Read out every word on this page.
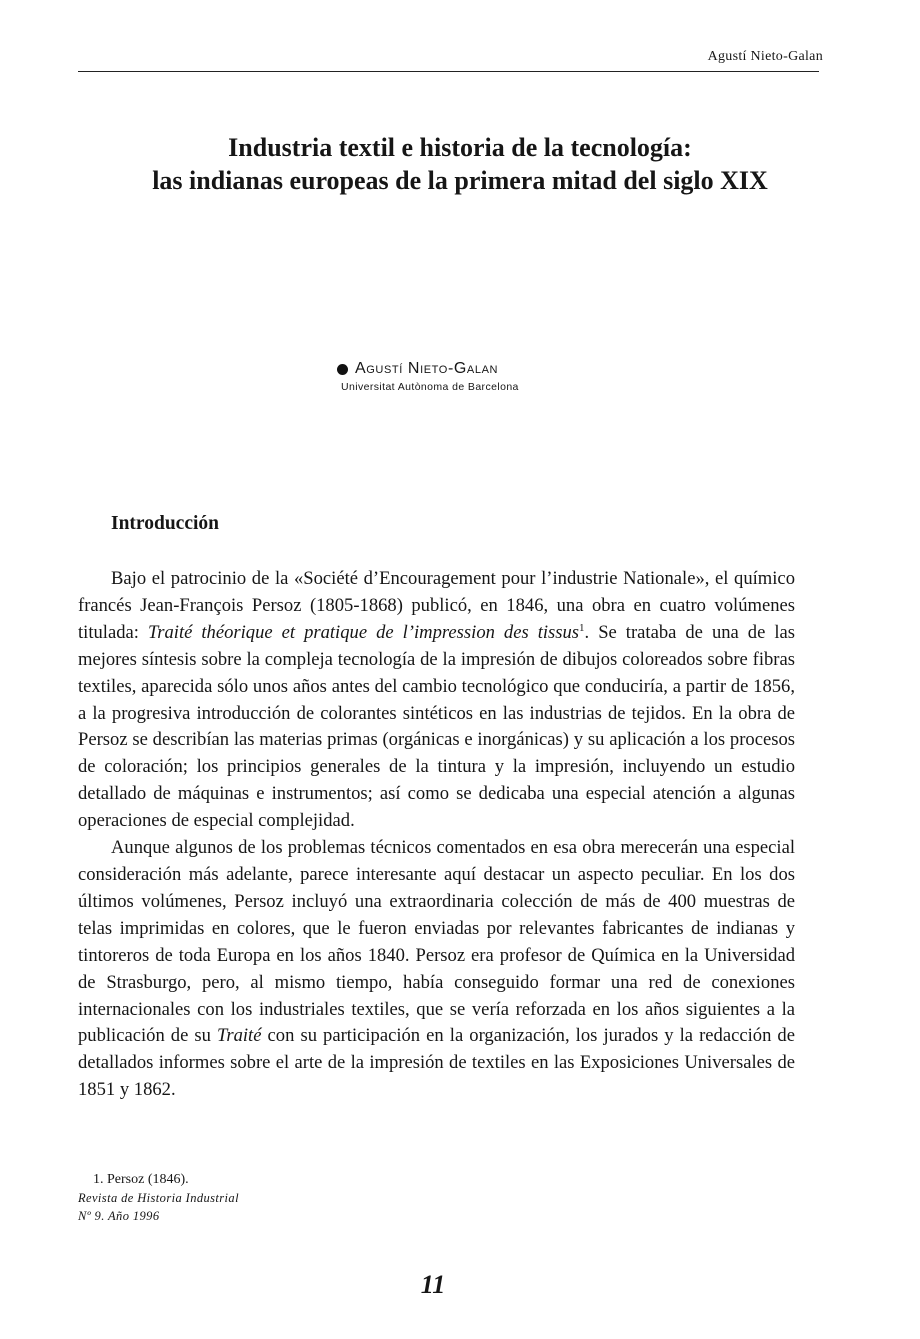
Agustí Nieto-Galan
Industria textil e historia de la tecnología:
las indianas europeas de la primera mitad del siglo XIX
Agustí Nieto-Galan
Universitat Autònoma de Barcelona
Introducción

Bajo el patrocinio de la «Société d’Encouragement pour l’industrie Nationale», el químico francés Jean-François Persoz (1805-1868) publicó, en 1846, una obra en cuatro volúmenes titulada: Traité théorique et pratique de l’impression des tissus$^1$. Se trataba de una de las mejores síntesis sobre la compleja tecnología de la impresión de dibujos coloreados sobre fibras textiles, aparecida sólo unos años antes del cambio tecnológico que conduciría, a partir de 1856, a la progresiva introducción de colorantes sintéticos en las industrias de tejidos. En la obra de Persoz se describían las materias primas (orgánicas e inorgánicas) y su aplicación a los procesos de coloración; los principios generales de la tintura y la impresión, incluyendo un estudio detallado de máquinas e instrumentos; así como se dedicaba una especial atención a algunas operaciones de especial complejidad.

Aunque algunos de los problemas técnicos comentados en esa obra merecerán una especial consideración más adelante, parece interesante aquí destacar un aspecto peculiar. En los dos últimos volúmenes, Persoz incluyó una extraordinaria colección de más de 400 muestras de telas imprimidas en colores, que le fueron enviadas por relevantes fabricantes de indianas y tintoreros de toda Europa en los años 1840. Persoz era profesor de Química en la Universidad de Strasburgo, pero, al mismo tiempo, había conseguido formar una red de conexiones internacionales con los industriales textiles, que se vería reforzada en los años siguientes a la publicación de su Traité con su participación en la organización, los jurados y la redacción de detallados informes sobre el arte de la impresión de textiles en las Exposiciones Universales de 1851 y 1862.

1. Persoz (1846).
Revista de Historia Industrial
Nº 9. Año 1996
11
